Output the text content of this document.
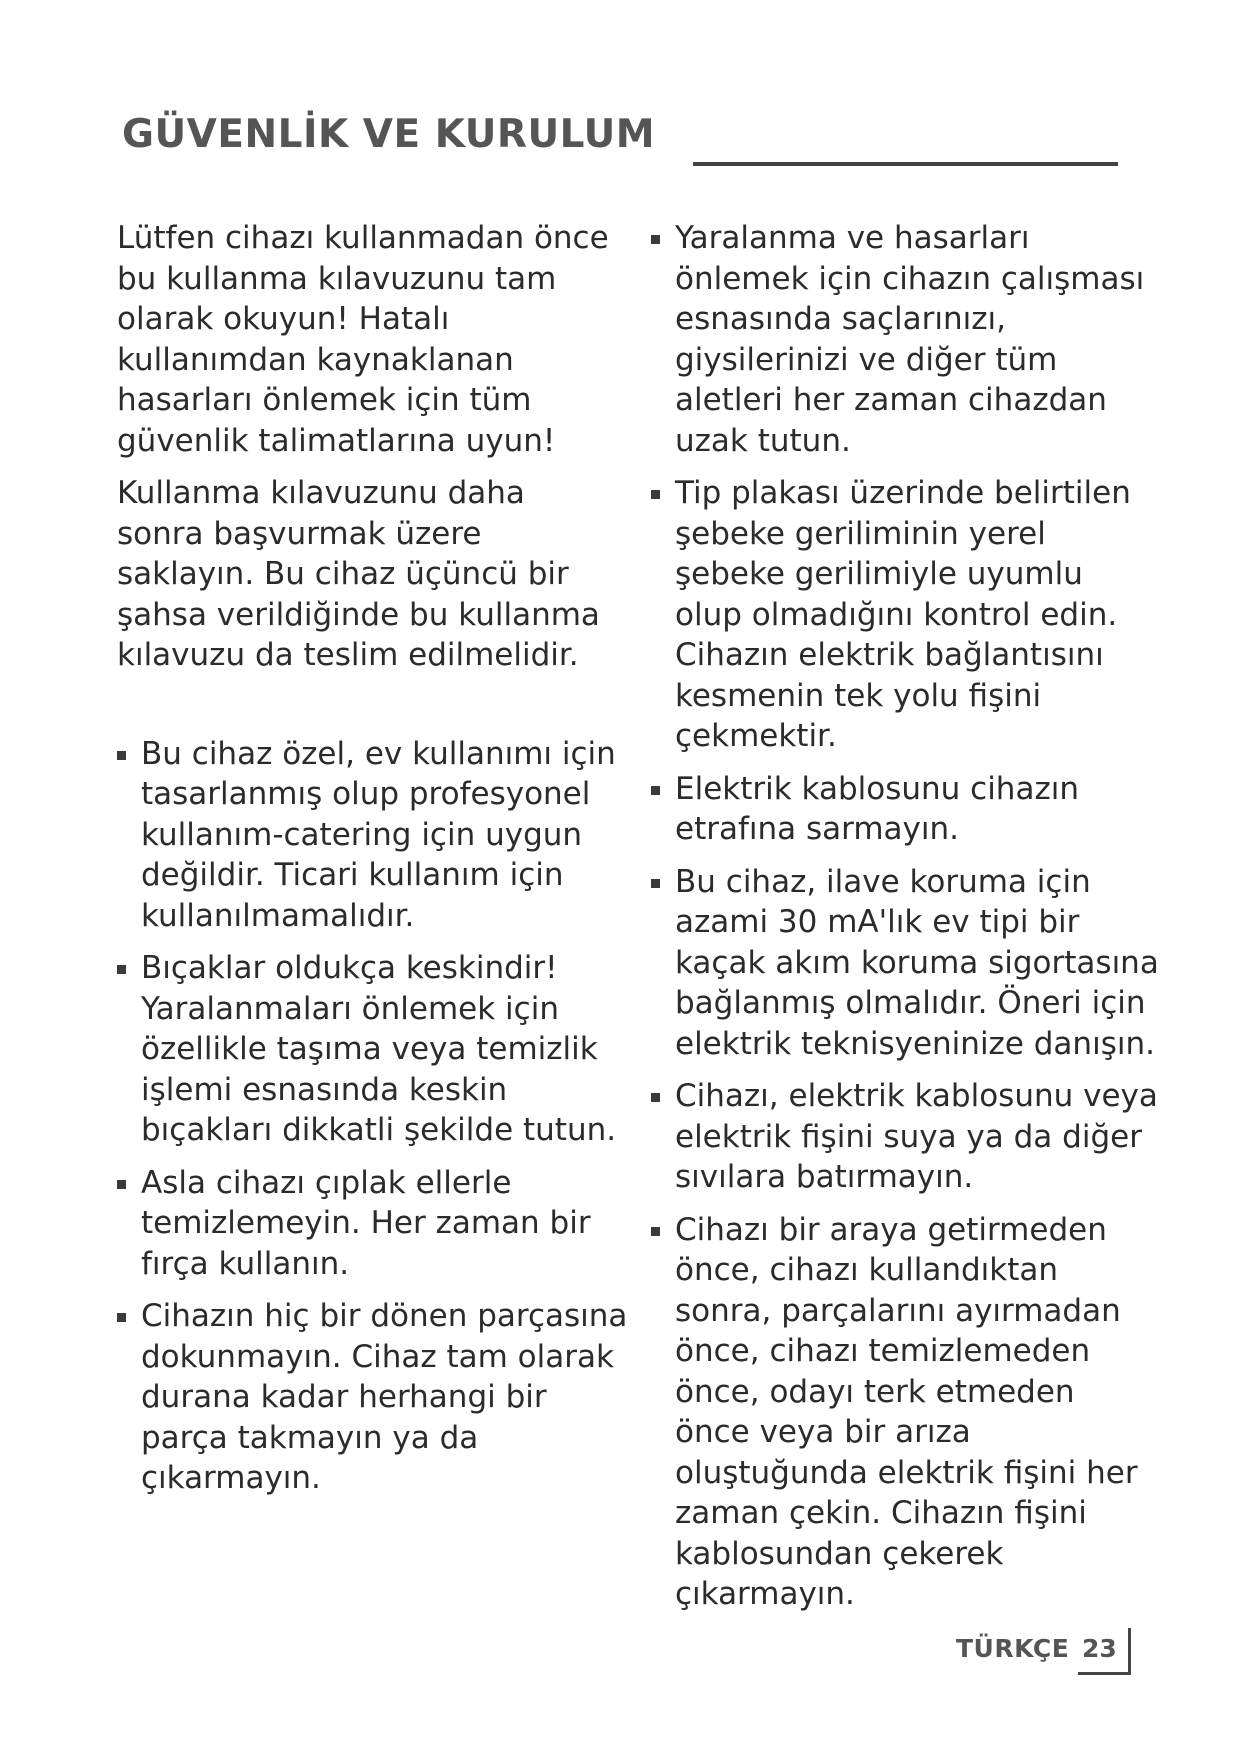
GÜVENLİK VE KURULUM

Lütfen cihazı kullanmadan önce bu kullanma kılavuzunu tam olarak okuyun! Hatalı kullanımdan kaynaklanan hasarları önlemek için tüm güvenlik talimatlarına uyun!

Kullanma kılavuzunu daha sonra başvurmak üzere saklayın. Bu cihaz üçüncü bir şahsa verildiğinde bu kullanma kılavuzu da teslim edilmelidir.

Bu cihaz özel, ev kullanımı için tasarlanmış olup profesyonel kullanım-catering için uygun değildir. Ticari kullanım için kullanılmamalıdır.
Bıçaklar oldukça keskindir! Yaralanmaları önlemek için özellikle taşıma veya temizlik işlemi esnasında keskin bıçakları dikkatli şekilde tutun.
Asla cihazı çıplak ellerle temizlemeyin. Her zaman bir fırça kullanın.
Cihazın hiç bir dönen parçasına dokunmayın. Cihaz tam olarak durana kadar herhangi bir parça takmayın ya da çıkarmayın.
Yaralanma ve hasarları önlemek için cihazın çalışması esnasında saçlarınızı, giysilerinizi ve diğer tüm aletleri her zaman cihazdan uzak tutun.
Tip plakası üzerinde belirtilen şebeke geriliminin yerel şebeke gerilimiyle uyumlu olup olmadığını kontrol edin. Cihazın elektrik bağlantısını kesmenin tek yolu fişini çekmektir.
Elektrik kablosunu cihazın etrafına sarmayın.
Bu cihaz, ilave koruma için azami 30 mA'lık ev tipi bir kaçak akım koruma sigortasına bağlanmış olmalıdır. Öneri için elektrik teknisyeninize danışın.
Cihazı, elektrik kablosunu veya elektrik fişini suya ya da diğer sıvılara batırmayın.
Cihazı bir araya getirmeden önce, cihazı kullandıktan sonra, parçalarını ayırmadan önce, cihazı temizlemeden önce, odayı terk etmeden önce veya bir arıza oluştuğunda elektrik fişini her zaman çekin. Cihazın fişini kablosundan çekerek çıkarmayın.
TÜRKÇE 23
